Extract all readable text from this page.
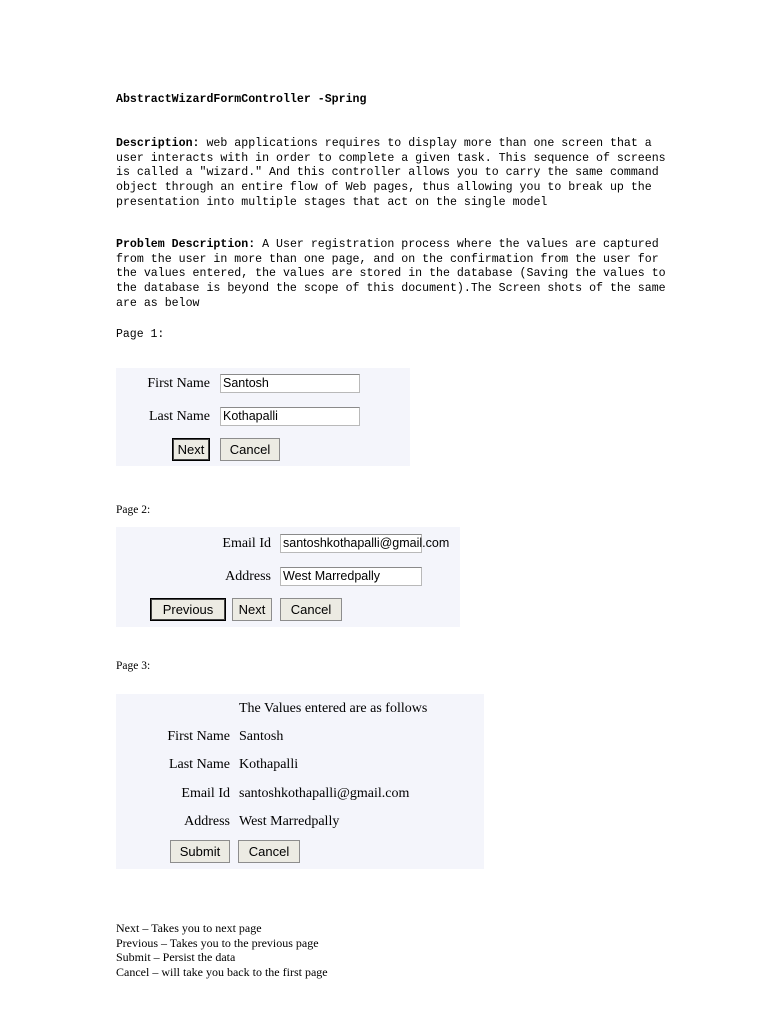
AbstractWizardFormController -Spring
Description: web applications requires to display more than one screen that a user interacts with in order to complete a given task. This sequence of screens is called a "wizard." And this controller allows you to carry the same command object through an entire flow of Web pages, thus allowing you to break up the presentation into multiple stages that act on the single model
Problem Description: A User registration process where the values are captured from the user in more than one page, and on the confirmation from the user for the values entered, the values are stored in the database (Saving the values to the database is beyond the scope of this document).The Screen shots of the same are as below
Page 1:
First Name Santosh
Last Name Kothapalli
Next	Cancel
Page 2:
Email Id santoshkothapalli@gmail.com
Address West Marredpally
Previous	Next	Cancel
Page 3:
The Values entered are as follows
First Name Santosh
Last Name Kothapalli
Email Id santoshkothapalli@gmail.com
Address West Marredpally
Submit	Cancel
Next – Takes you to next page
Previous – Takes you to the previous page
Submit – Persist the data
Cancel – will take you back to the first page
